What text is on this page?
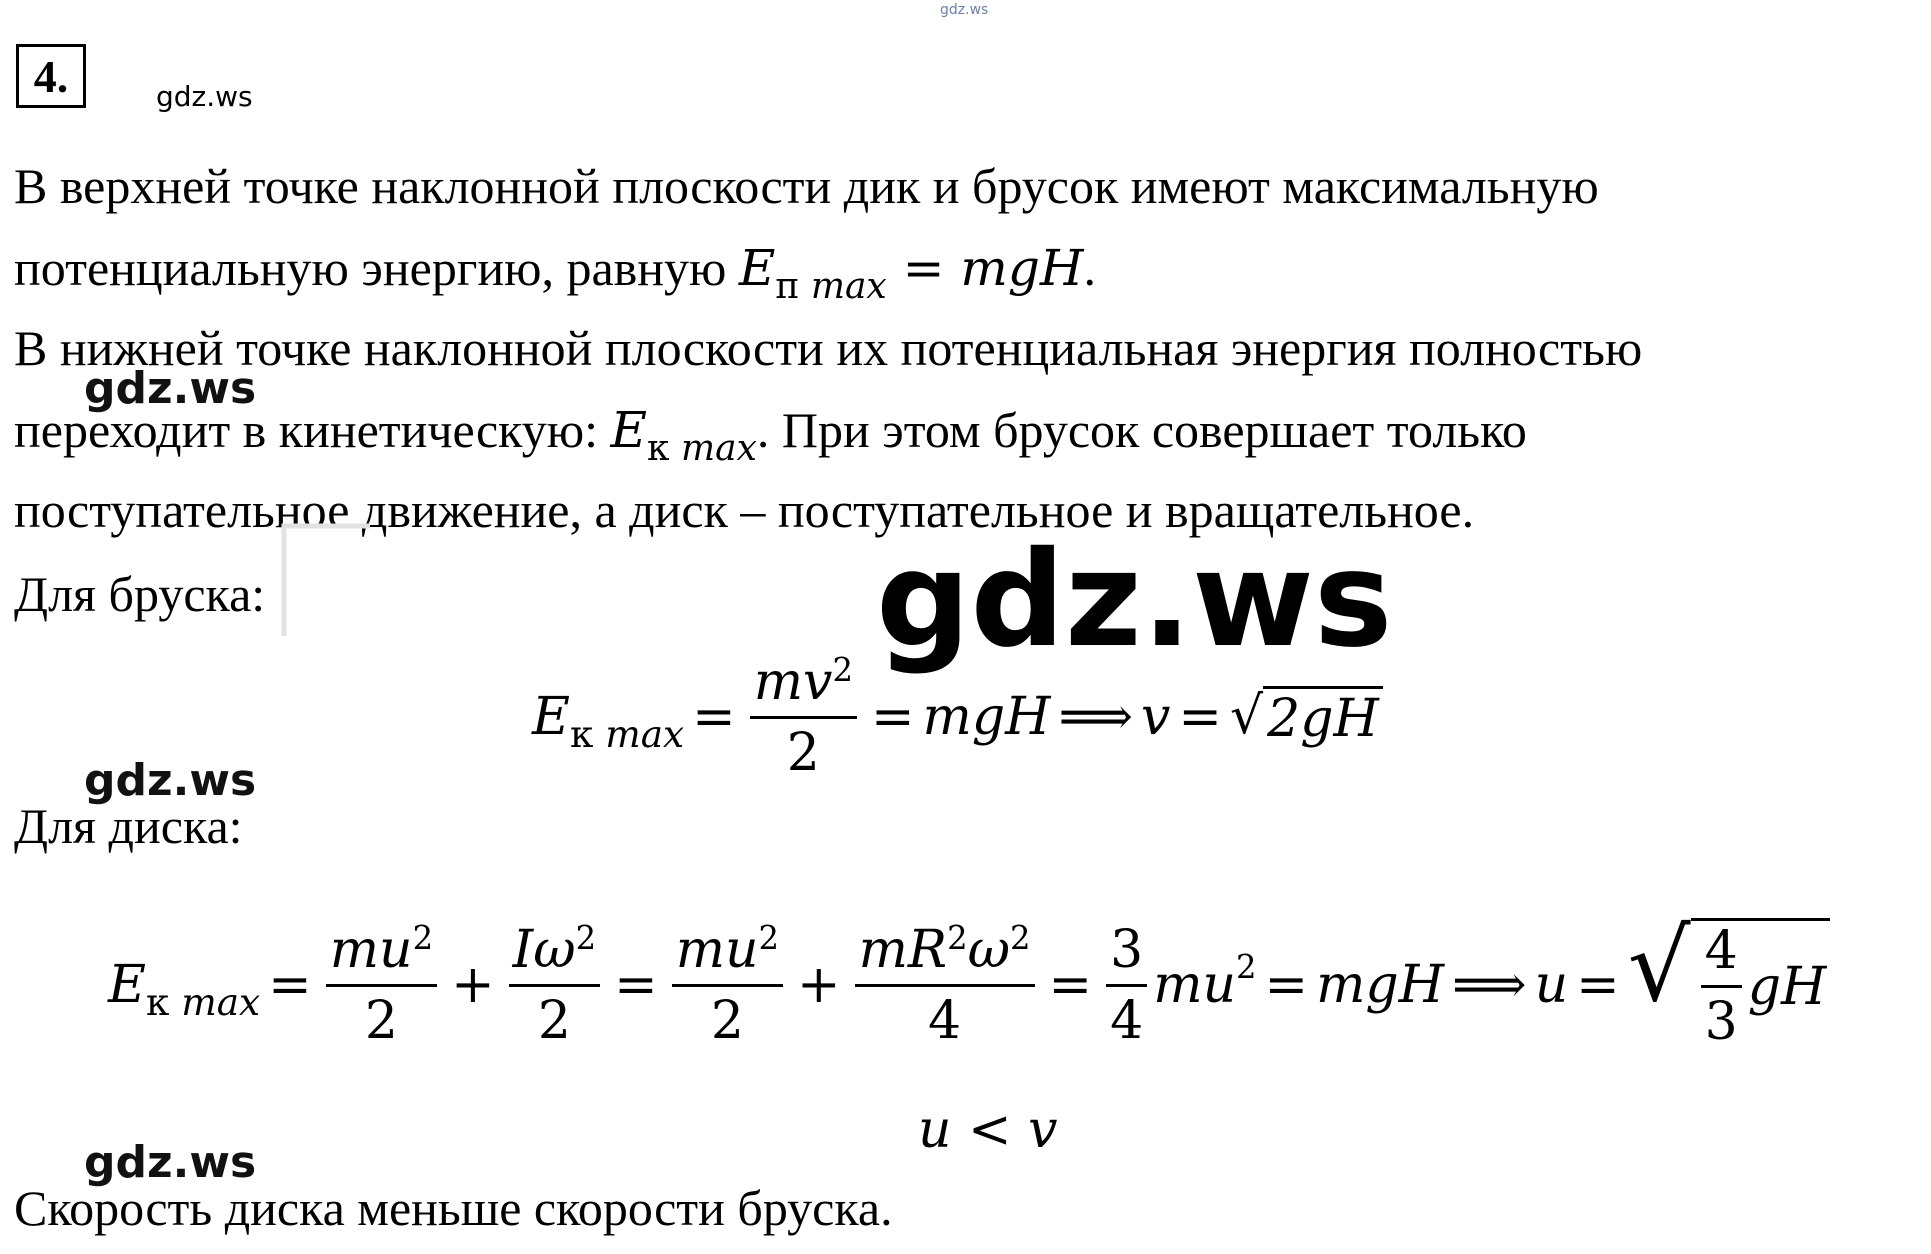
gdz.ws
4.	gdz.ws
В верхней точке наклонной плоскости дик и брусок имеют максимальную
потенциальную энергию, равную $E_{п max}$ = mgH.
В нижней точке наклонной плоскости их потенциальная энергия полностью
gdz.ws
переходит в кинетическую: $E_{к max}$. При этом брусок совершает только
поступательное движение, а диск – поступательное и вращательное.
Для бруска:	gdz.ws
$E_{к max} = \frac{mv^2}{2}$ = mgH ⟹ v = √ 2gH
gdz.ws
Для диска:
$E_{к max} = \frac{mu^2}{2} + \frac{I\omega^2}{2} = \frac{mu^2}{2} + \frac{mR^2\omega^2}{4} = \frac{3}{4}$ mu 2 = mgH ⟹ u = √ $\frac{4}{3}$ gH
u < v
gdz.ws
Скорость диска меньше скорости бруска.
